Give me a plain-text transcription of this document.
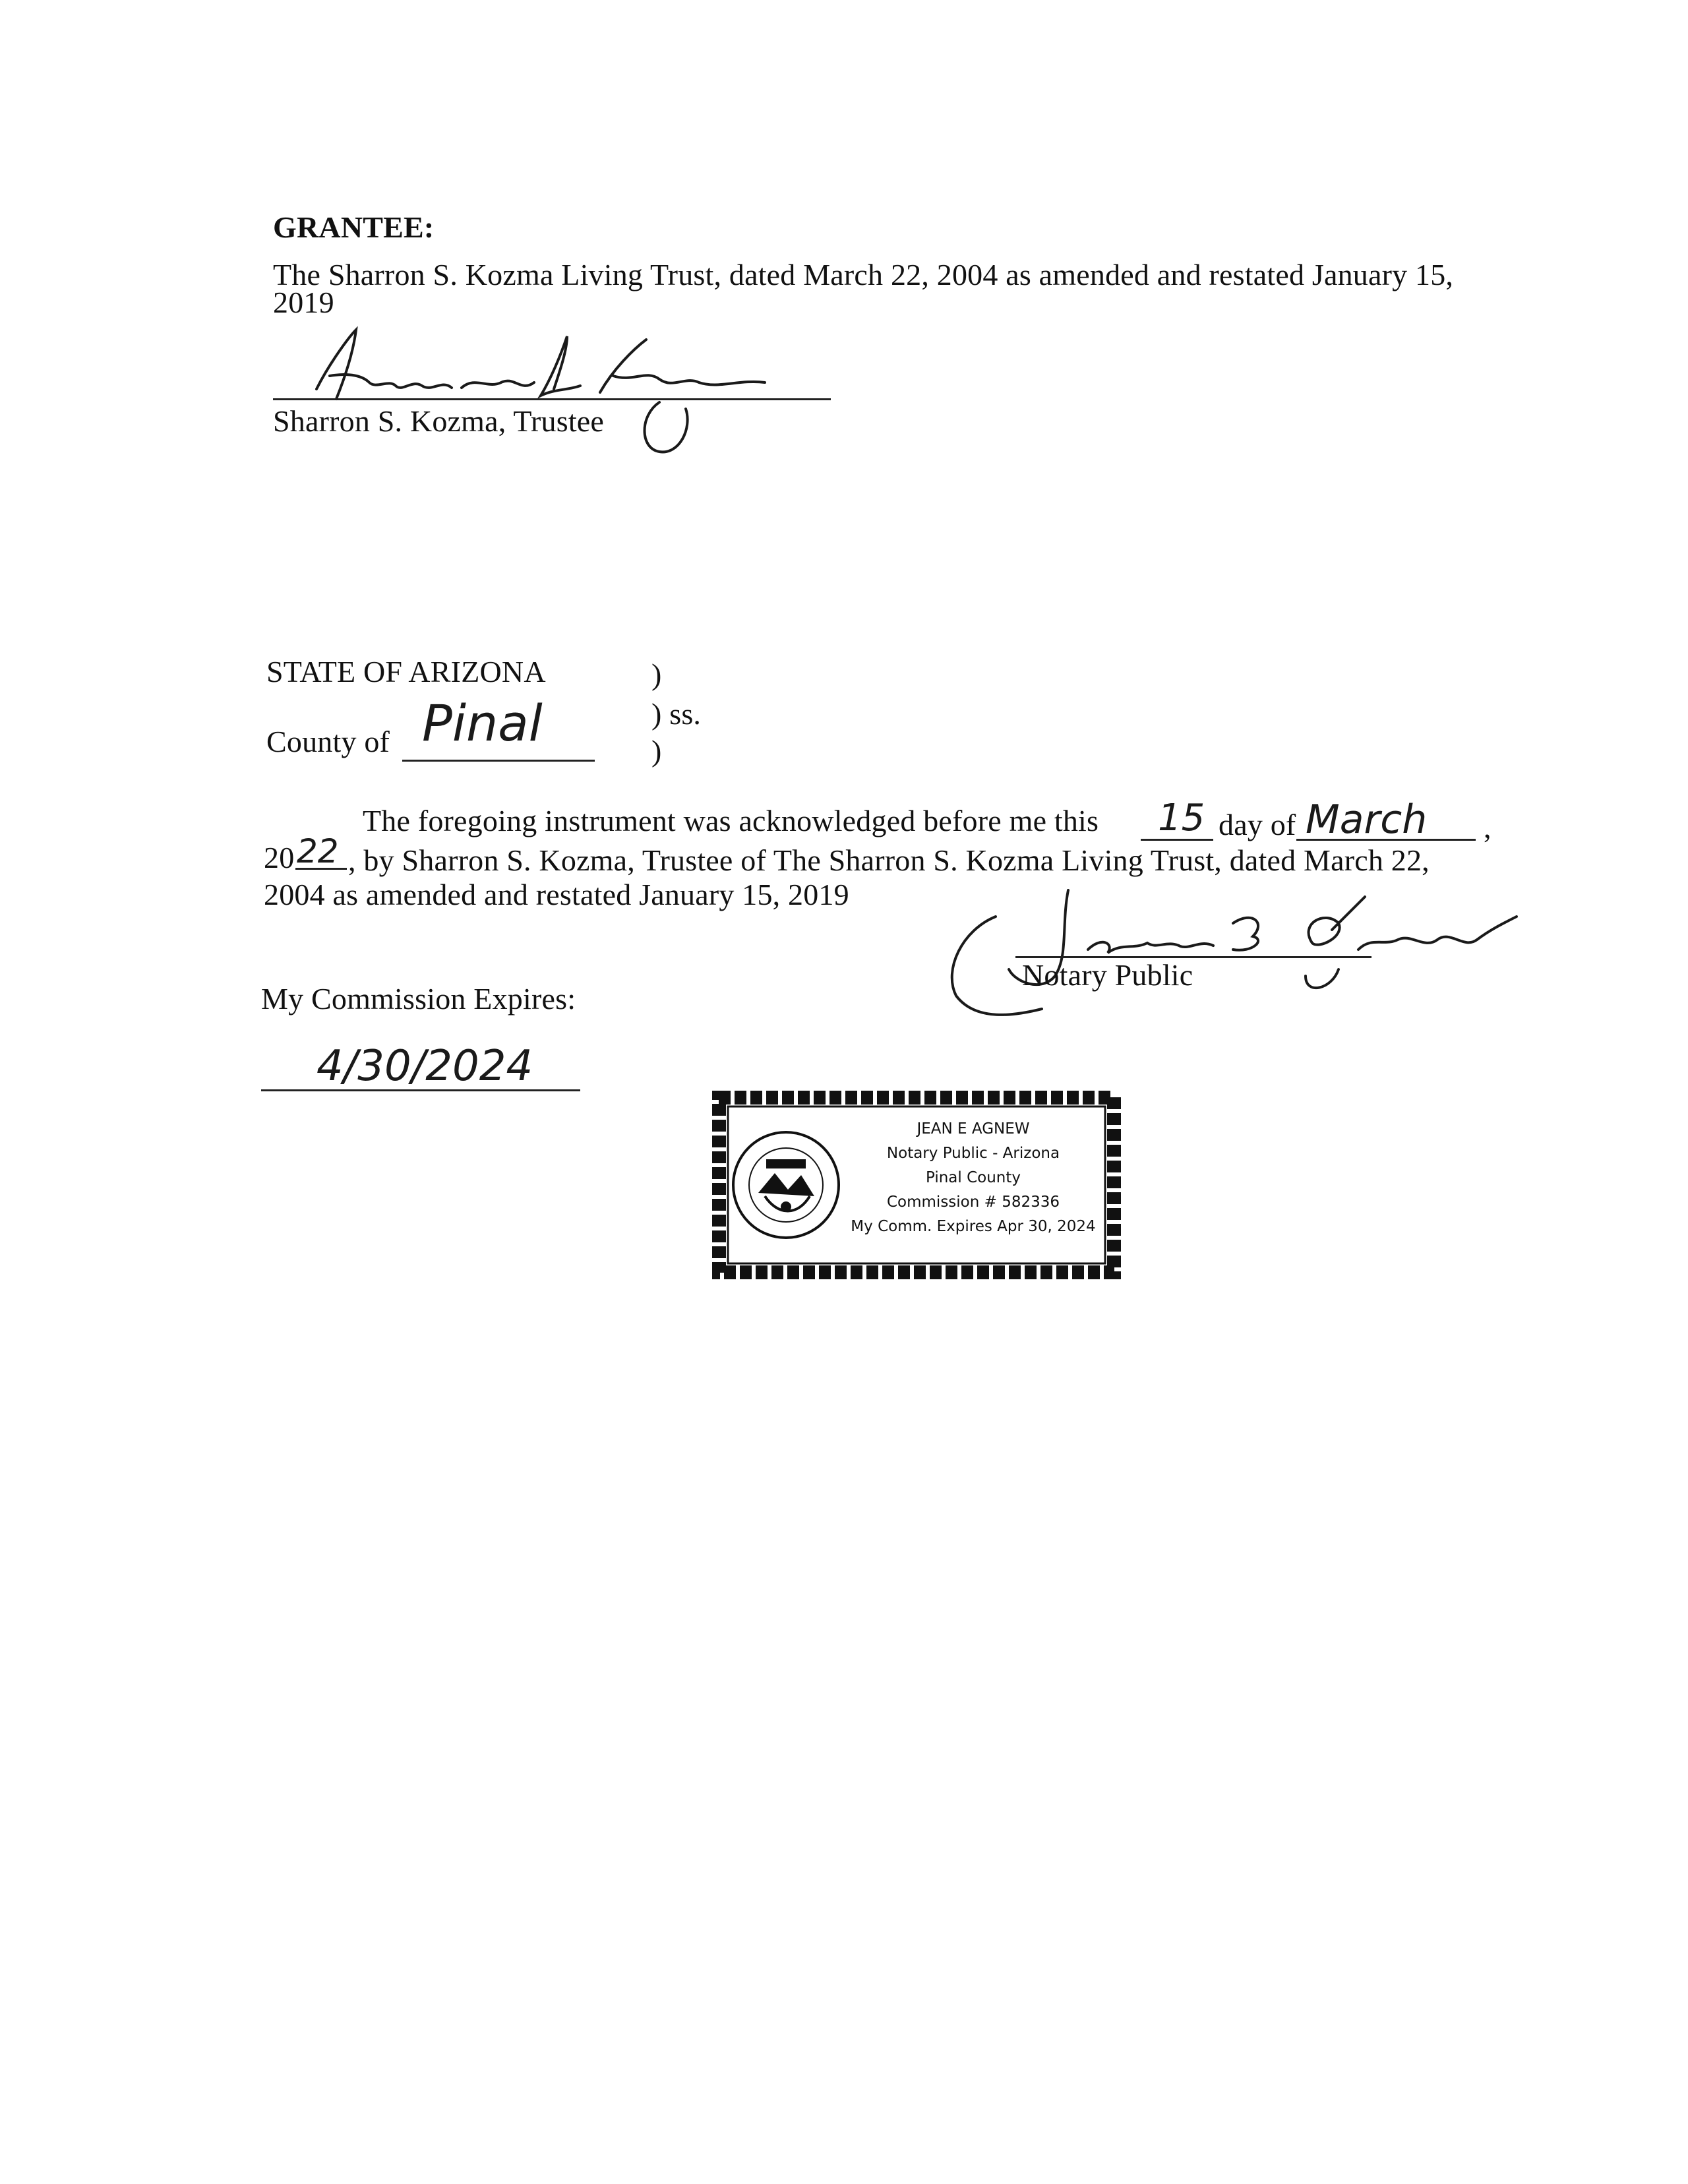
GRANTEE:
The Sharron S. Kozma Living Trust, dated March 22, 2004 as amended and restated January 15,
2019
Sharron S. Kozma, Trustee
STATE OF ARIZONA	)
) ss.
)
County of Pinal
The foregoing instrument was acknowledged before me this 15 day of March ,
20 22 , by Sharron S. Kozma, Trustee of The Sharron S. Kozma Living Trust, dated March 22,
2004 as amended and restated January 15, 2019
Notary Public
My Commission Expires:
4/30/2024
JEAN E AGNEW
Notary Public - Arizona
Pinal County
Commission # 582336
My Comm. Expires Apr 30, 2024
